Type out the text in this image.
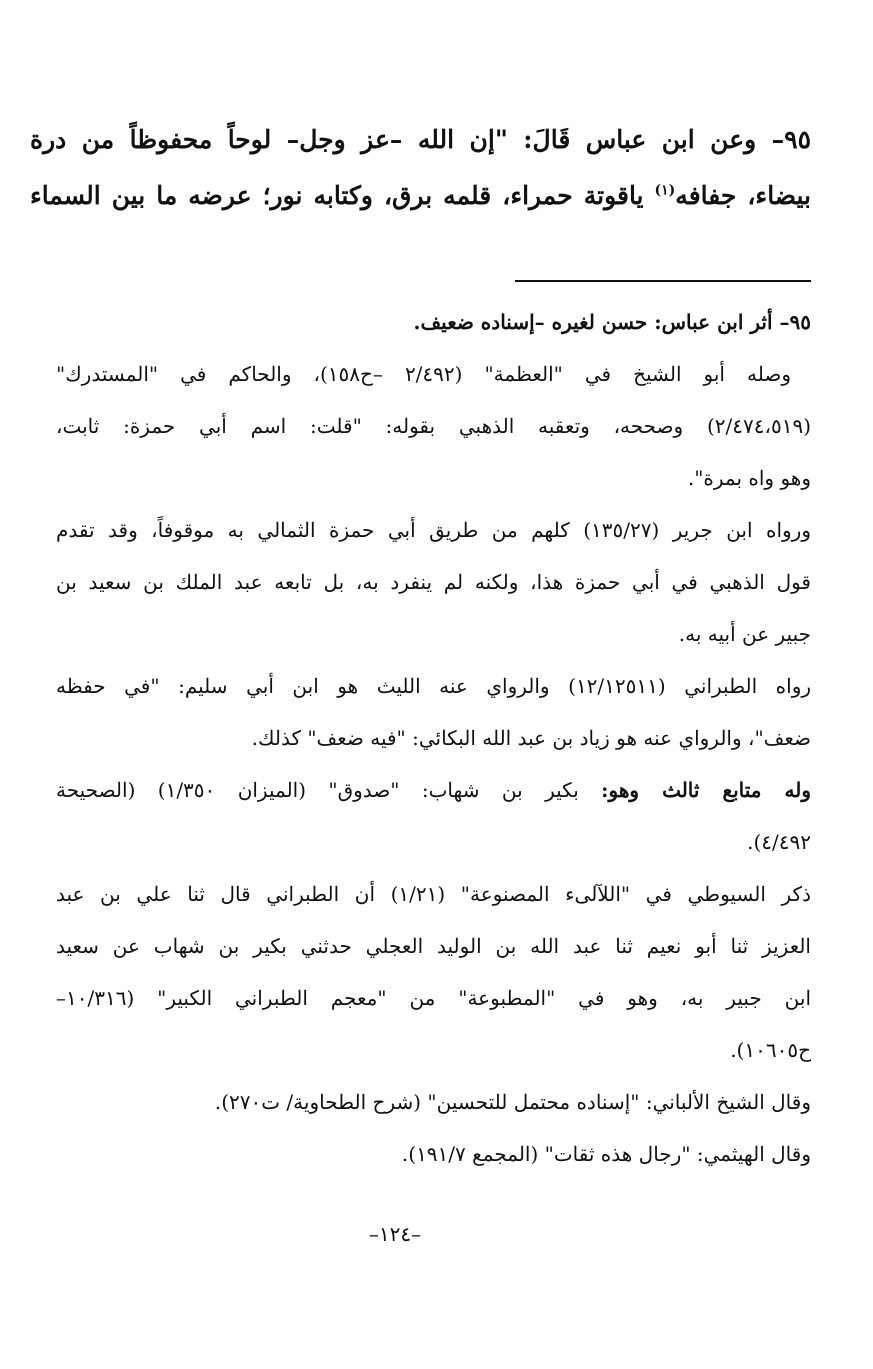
٩٥– وعن ابن عباس قَالَ: "إن الله –عز وجل– لوحاً محفوظاً من درة
بيضاء، جفافه$^{(١)}$ ياقوتة حمراء، قلمه برق، وكتابه نور؛ عرضه ما بين السماء
٩٥– أثر ابن عباس: حسن لغيره –إسناده ضعيف.
وصله أبو الشيخ في "العظمة" (٢/٤٩٢ –ح١٥٨)، والحاكم في "المستدرك"
(٢/٤٧٤،٥١٩) وصححه، وتعقبه الذهبي بقوله: "قلت: اسم أبي حمزة: ثابت،
وهو واه بمرة".
ورواه ابن جرير (١٣٥/٢٧) كلهم من طريق أبي حمزة الثمالي به موقوفاً، وقد تقدم
قول الذهبي في أبي حمزة هذا، ولكنه لم ينفرد به، بل تابعه عبد الملك بن سعيد بن
جبير عن أبيه به.
رواه الطبراني (١٢/١٢٥١١) والرواي عنه الليث هو ابن أبي سليم: "في حفظه
ضعف"، والرواي عنه هو زياد بن عبد الله البكائي: "فيه ضعف" كذلك.
وله متابع ثالث وهو: بكير بن شهاب: "صدوق" (الميزان ١/٣٥٠) (الصحيحة
٤/٤٩٢).
ذكر السيوطي في "اللآلىء المصنوعة" (١/٢١) أن الطبراني قال ثنا علي بن عبد
العزيز ثنا أبو نعيم ثنا عبد الله بن الوليد العجلي حدثني بكير بن شهاب عن سعيد
ابن جبير به، وهو في "المطبوعة" من "معجم الطبراني الكبير" (١٠/٣١٦–
ح١٠٦٠٥).
وقال الشيخ الألباني: "إسناده محتمل للتحسين" (شرح الطحاوية/ ت٢٧٠).
وقال الهيثمي: "رجال هذه ثقات" (المجمع ١٩١/٧).
–١٢٤–
